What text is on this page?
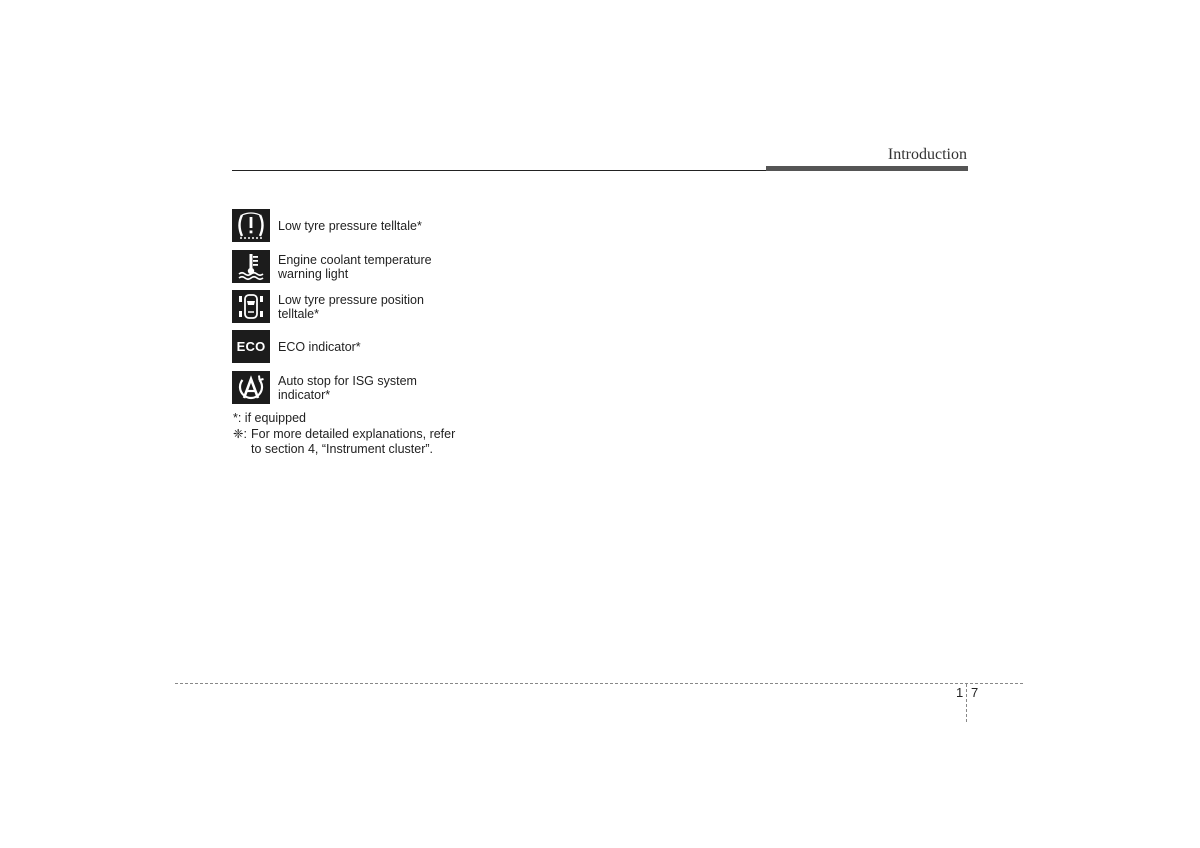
Introduction
Low tyre pressure telltale*
Engine coolant temperature
warning light
Low tyre pressure position
telltale*
ECO ECO indicator*
Auto stop for ISG system
indicator*
*: if equipped
❈: For more detailed explanations, refer
to section 4, “Instrument cluster”.
1 7
